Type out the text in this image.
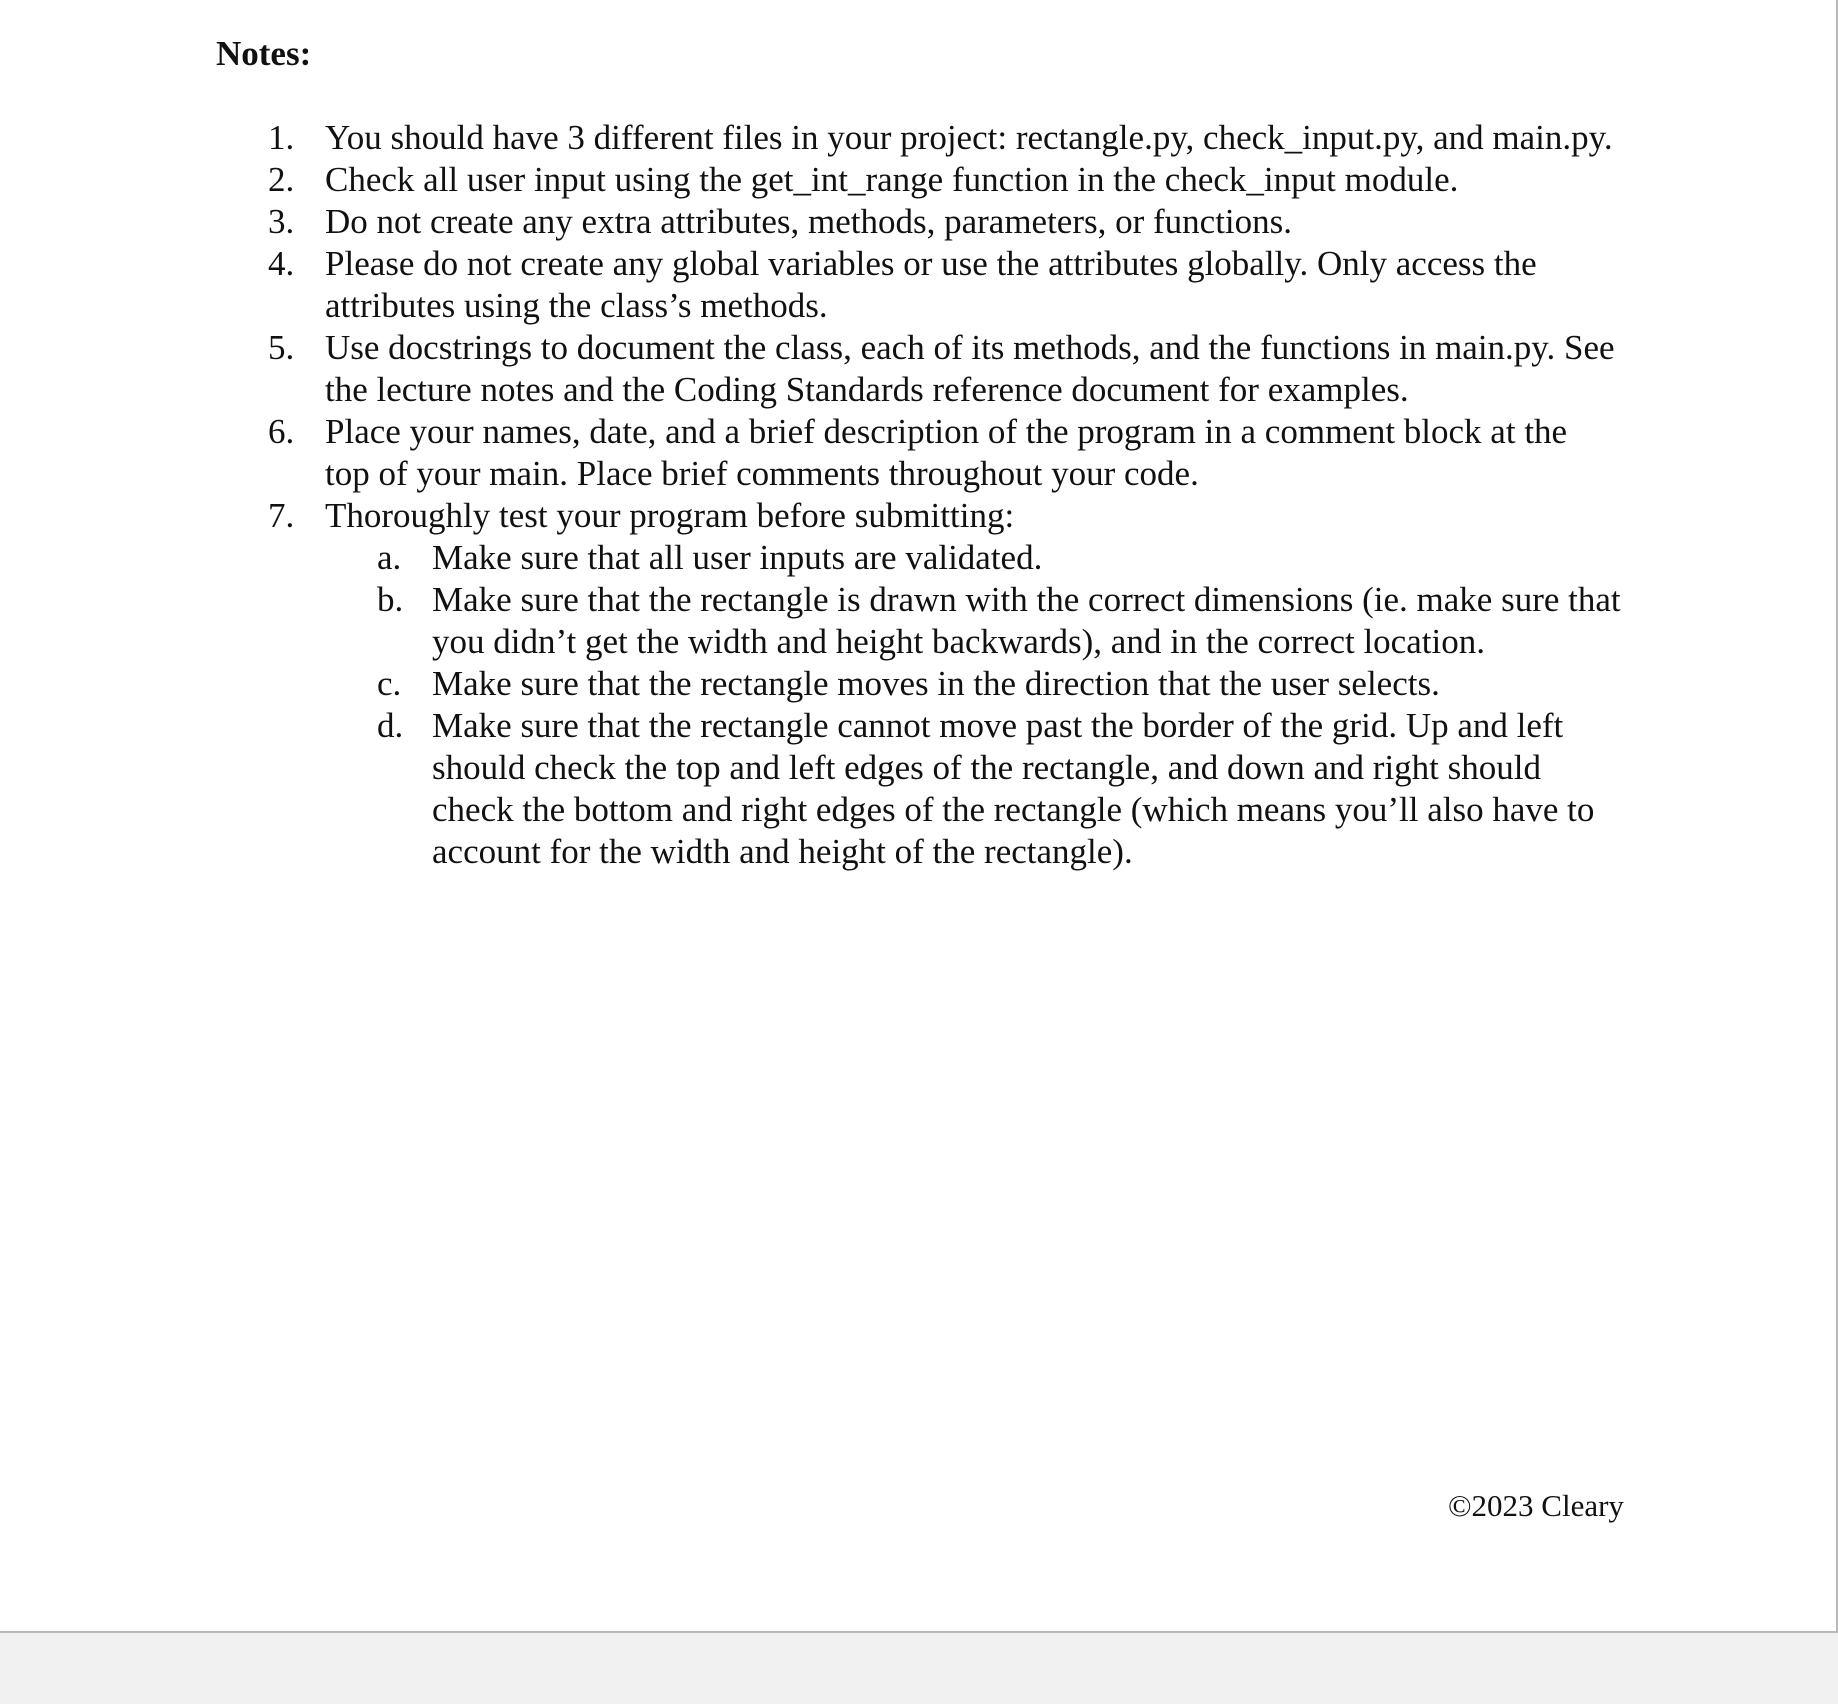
Notes:
1. You should have 3 different files in your project: rectangle.py, check_input.py, and main.py.
2. Check all user input using the get_int_range function in the check_input module.
3. Do not create any extra attributes, methods, parameters, or functions.
4. Please do not create any global variables or use the attributes globally. Only access the attributes using the class’s methods.
5. Use docstrings to document the class, each of its methods, and the functions in main.py. See the lecture notes and the Coding Standards reference document for examples.
6. Place your names, date, and a brief description of the program in a comment block at the top of your main. Place brief comments throughout your code.
7. Thoroughly test your program before submitting:
a. Make sure that all user inputs are validated.
b. Make sure that the rectangle is drawn with the correct dimensions (ie. make sure that you didn’t get the width and height backwards), and in the correct location.
c. Make sure that the rectangle moves in the direction that the user selects.
d. Make sure that the rectangle cannot move past the border of the grid. Up and left should check the top and left edges of the rectangle, and down and right should check the bottom and right edges of the rectangle (which means you’ll also have to account for the width and height of the rectangle).
©2023 Cleary
